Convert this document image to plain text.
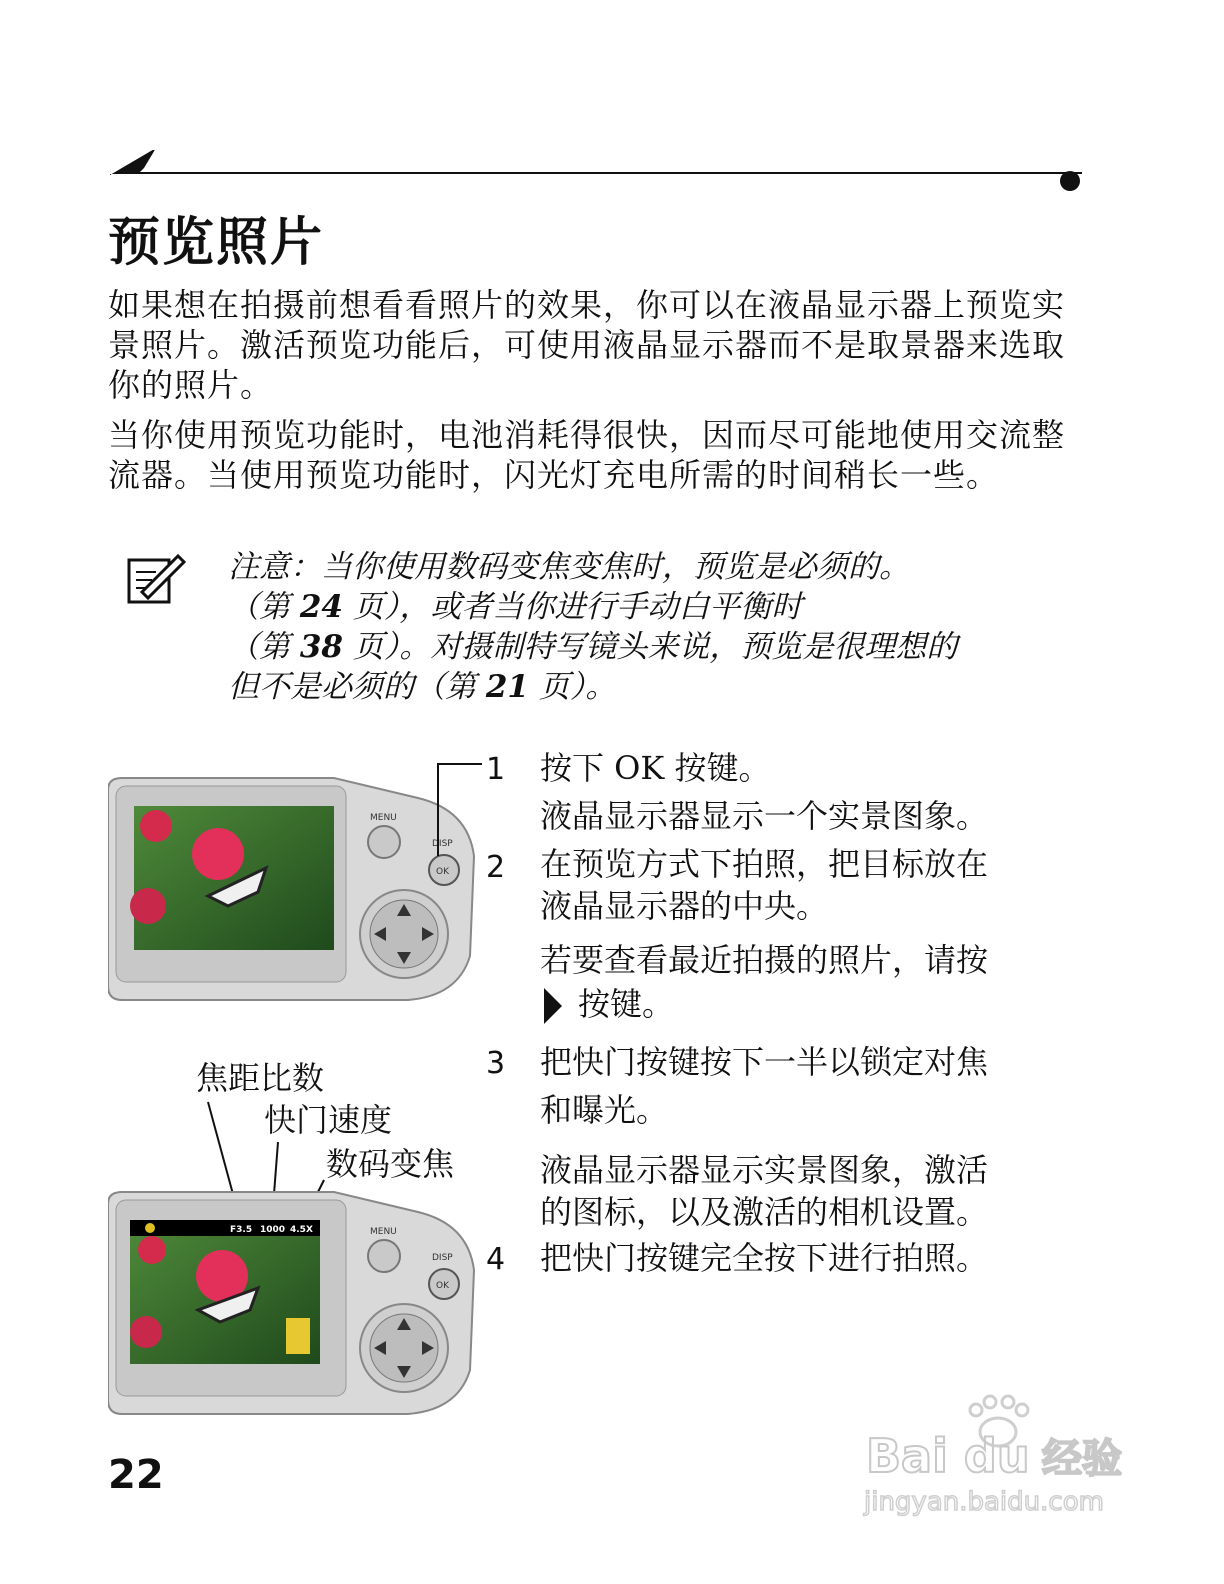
预览照片

如果想在拍摄前想看看照片的效果，你可以在液晶显示器上预览实景照片。激活预览功能后，可使用液晶显示器而不是取景器来选取你的照片。

当你使用预览功能时，电池消耗得很快，因而尽可能地使用交流整流器。当使用预览功能时，闪光灯充电所需的时间稍长一些。

注意：当你使用数码变焦变焦时，预览是必须的。
（第 24 页），或者当你进行手动白平衡时
（第 38 页）。对摄制特写镜头来说，预览是很理想的
但不是必须的（第 21 页）。
MENU
DISP
OK
1 按下 OK 按键。

液晶显示器显示一个实景图象。

2 在预览方式下拍照，把目标放在

液晶显示器的中央。

若要查看最近拍摄的照片，请按

按键。

3 把快门按键按下一半以锁定对焦

和曝光。

液晶显示器显示实景图象，激活

的图标，以及激活的相机设置。

4 把快门按键完全按下进行拍照。

焦距比数
快门速度
数码变焦
F3.5 1000 4.5X	MENU
DISP
OK
22	Bai du 经验
jingyan.baidu.com
